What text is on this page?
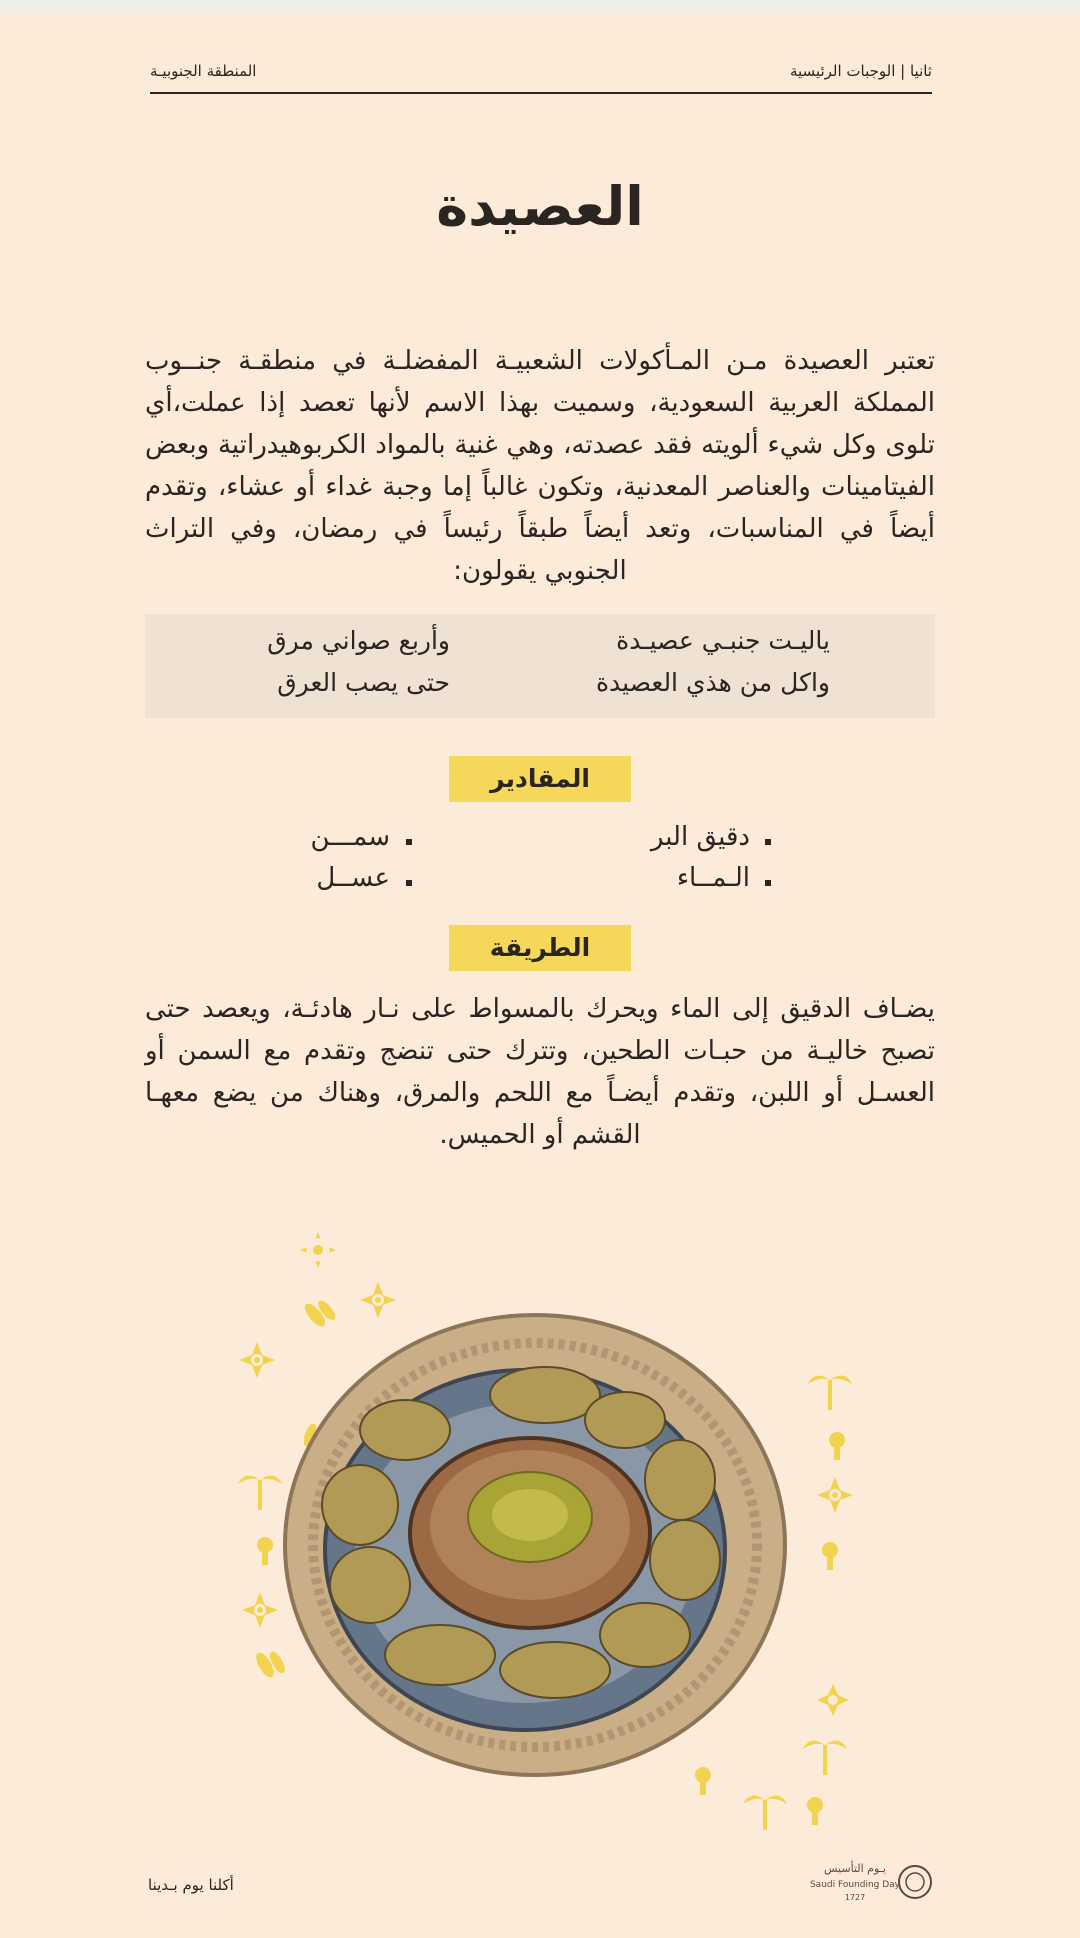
ثانيا | الوجبات الرئيسية
المنطقة الجنوبيـة
العصيدة
تعتبر العصيدة مـن المـأكولات الشعبيـة المفضلـة في منطقـة جنــوب المملكة العربية السعودية، وسميت بهذا الاسم لأنها تعصد إذا عملت،أي تلوى وكل شيء ألويته فقد عصدته، وهي غنية بالمواد الكربوهيدراتية وبعض الفيتامينات والعناصر المعدنية، وتكون غالباً إما وجبة غداء أو عشاء، وتقدم أيضاً في المناسبات، وتعد أيضاً طبقاً رئيساً في رمضان، وفي التراث الجنوبي يقولون:
ياليـت جنبـي عصيـدة
وأربع صواني مرق
واكل من هذي العصيدة
حتى يصب العرق
المقادير
دقيق البر
سمـــن
الـمــاء
عســل
الطريقة
يضـاف الدقيق إلى الماء ويحرك بالمسواط على نـار هادئـة، ويعصد حتى تصبح خاليـة من حبـات الطحين، وتترك حتى تنضج وتقدم مع السمن أو العسـل أو اللبن، وتقدم أيضـاً مع اللحم والمرق، وهناك من يضع معهـا القشم أو الحميس.
أكلنا يوم بـدينا
يـوم التأسيس
Saudi Founding Day
1727
